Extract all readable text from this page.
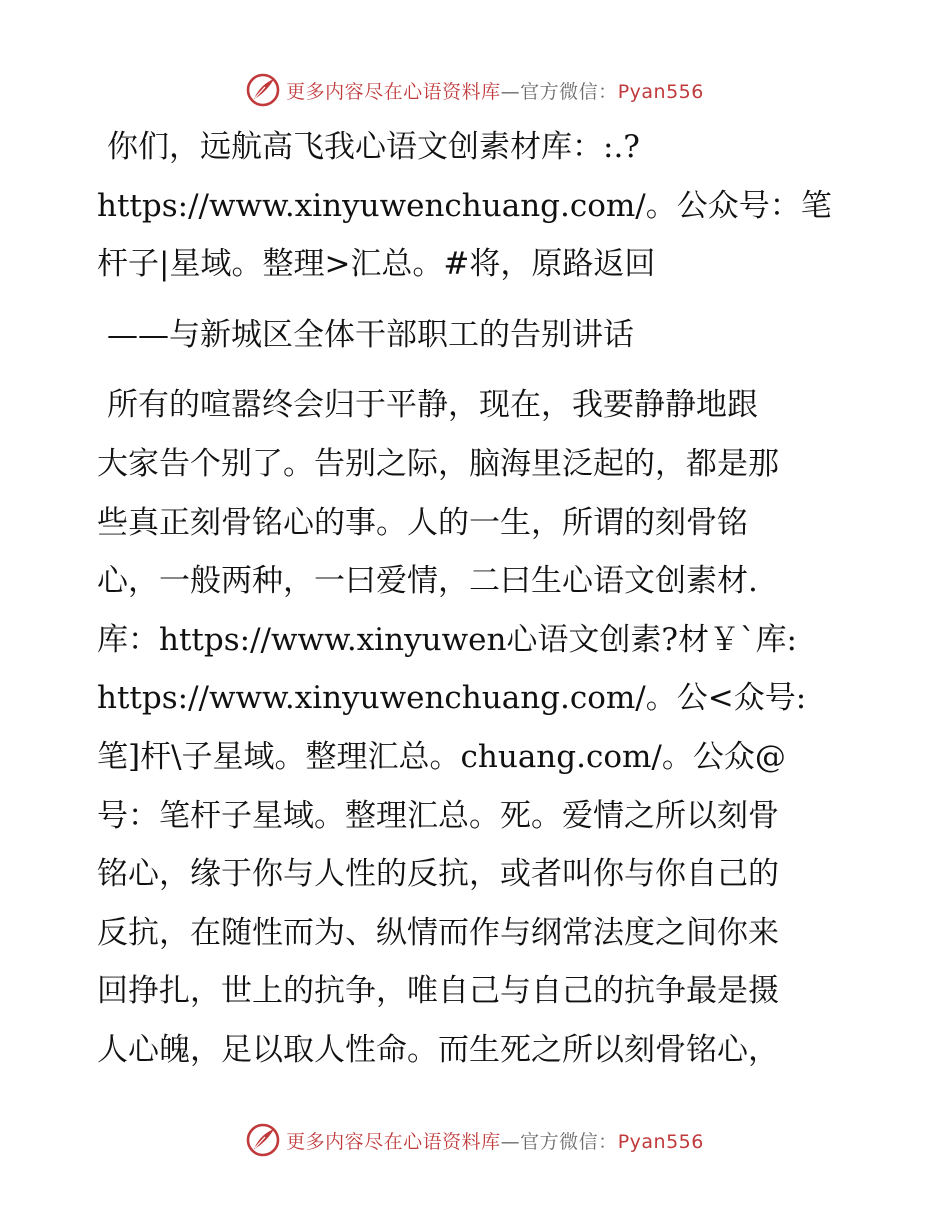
更多内容尽在心语资料库—官方微信：Pyan556
你们，远航高飞我心语文创素材库：:.?
https://www.xinyuwenchuang.com/。公众号：笔
杆子|星域。整理>汇总。#将，原路返回
——与新城区全体干部职工的告别讲话
所有的喧嚣终会归于平静，现在，我要静静地跟
大家告个别了。告别之际，脑海里泛起的，都是那
些真正刻骨铭心的事。人的一生，所谓的刻骨铭
心，一般两种，一曰爱情，二曰生心语文创素材.
库：https://www.xinyuwen心语文创素?材￥`库:
https://www.xinyuwenchuang.com/。公<众号:
笔]杆\子星域。整理汇总。chuang.com/。公众@
号：笔杆子星域。整理汇总。死。爱情之所以刻骨
铭心，缘于你与人性的反抗，或者叫你与你自己的
反抗，在随性而为、纵情而作与纲常法度之间你来
回挣扎，世上的抗争，唯自己与自己的抗争最是摄
人心魄，足以取人性命。而生死之所以刻骨铭心，
更多内容尽在心语资料库—官方微信：Pyan556
